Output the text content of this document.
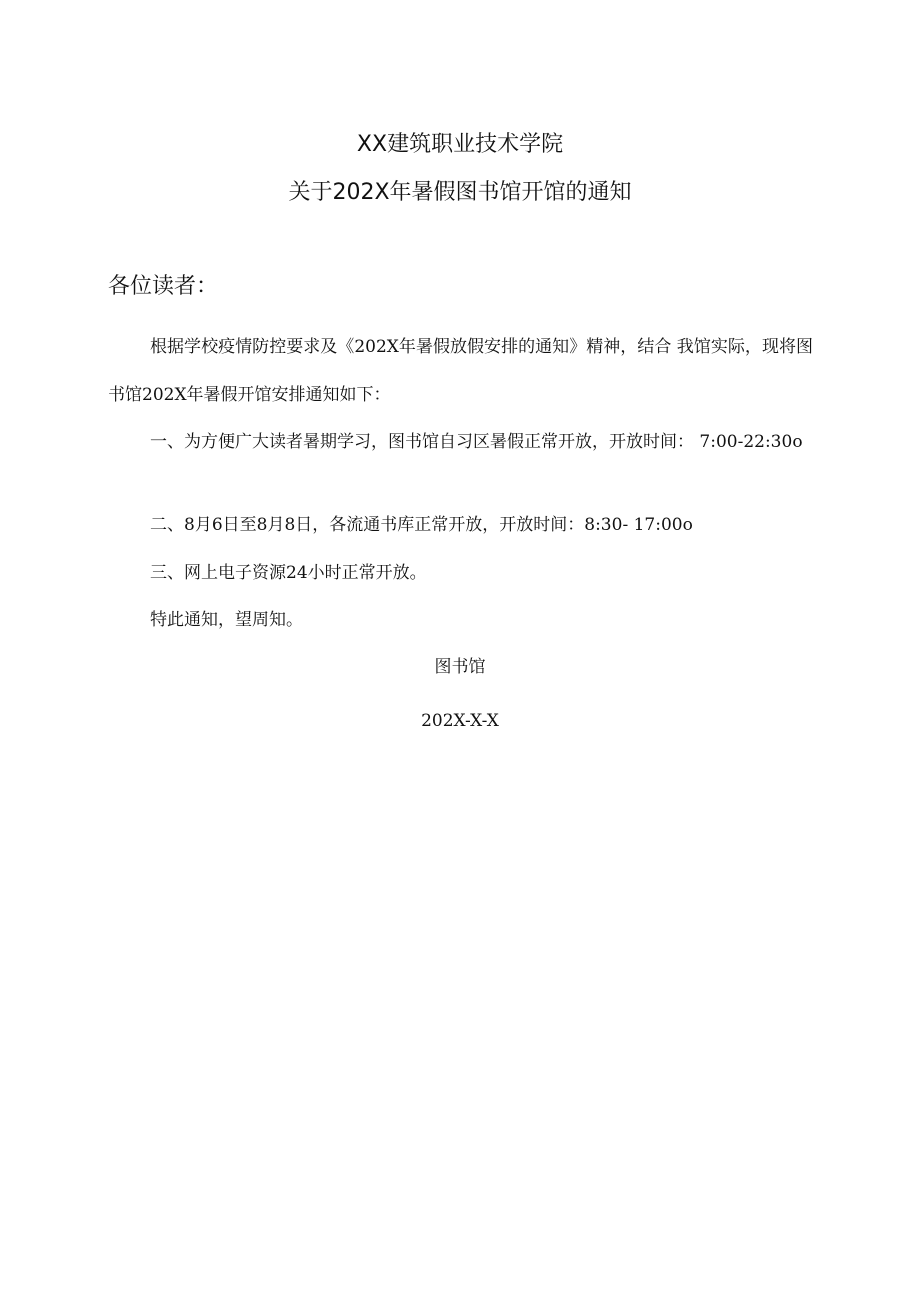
XX建筑职业技术学院
关于202X年暑假图书馆开馆的通知
各位读者：

根据学校疫情防控要求及《202X年暑假放假安排的通知》精神，结合 我馆实际，现将图书馆202X年暑假开馆安排通知如下：

一、为方便广大读者暑期学习，图书馆自习区暑假正常开放，开放时间： 7:00-22:30o

二、8月6日至8月8日，各流通书库正常开放，开放时间：8:30- 17:00o
三、网上电子资源24小时正常开放。
特此通知，望周知。
图书馆
202X-X-X
